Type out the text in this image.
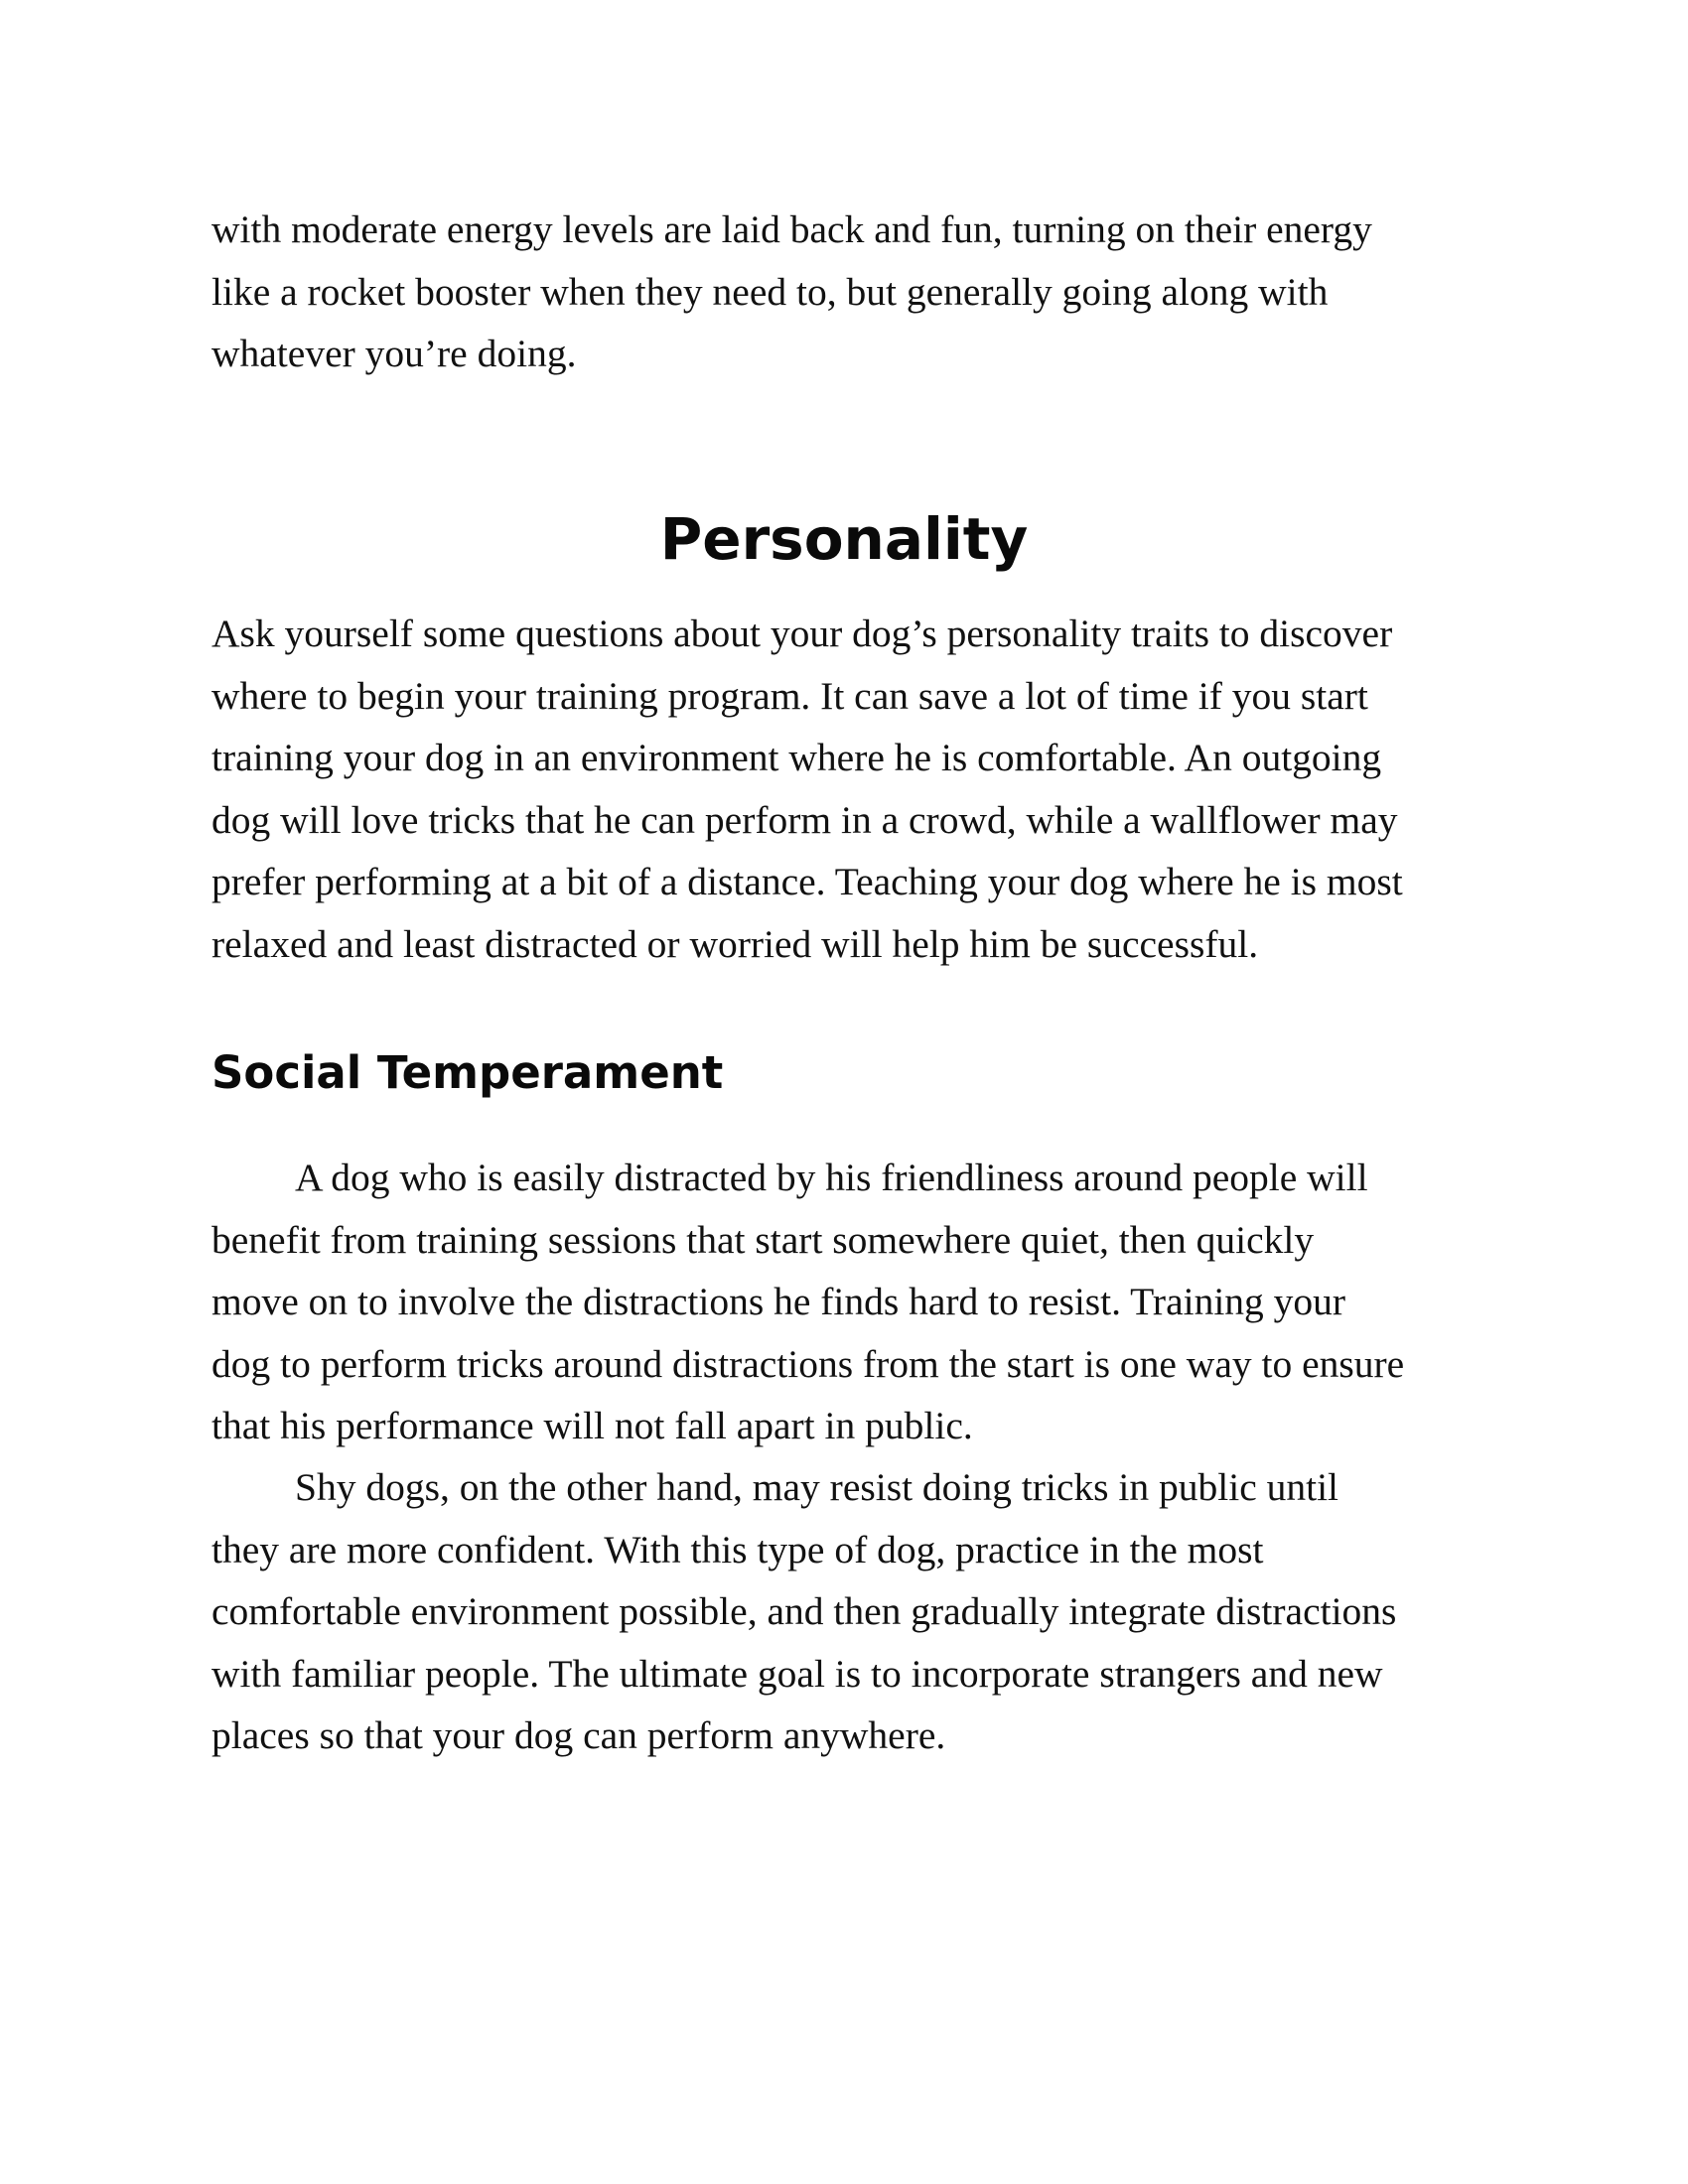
with moderate energy levels are laid back and fun, turning on their energy
like a rocket booster when they need to, but generally going along with
whatever you’re doing.

Personality

Ask yourself some questions about your dog’s personality traits to discover
where to begin your training program. It can save a lot of time if you start
training your dog in an environment where he is comfortable. An outgoing
dog will love tricks that he can perform in a crowd, while a wallflower may
prefer performing at a bit of a distance. Teaching your dog where he is most
relaxed and least distracted or worried will help him be successful.

Social Temperament

A dog who is easily distracted by his friendliness around people will
benefit from training sessions that start somewhere quiet, then quickly
move on to involve the distractions he finds hard to resist. Training your
dog to perform tricks around distractions from the start is one way to ensure
that his performance will not fall apart in public.

Shy dogs, on the other hand, may resist doing tricks in public until
they are more confident. With this type of dog, practice in the most
comfortable environment possible, and then gradually integrate distractions
with familiar people. The ultimate goal is to incorporate strangers and new
places so that your dog can perform anywhere.
